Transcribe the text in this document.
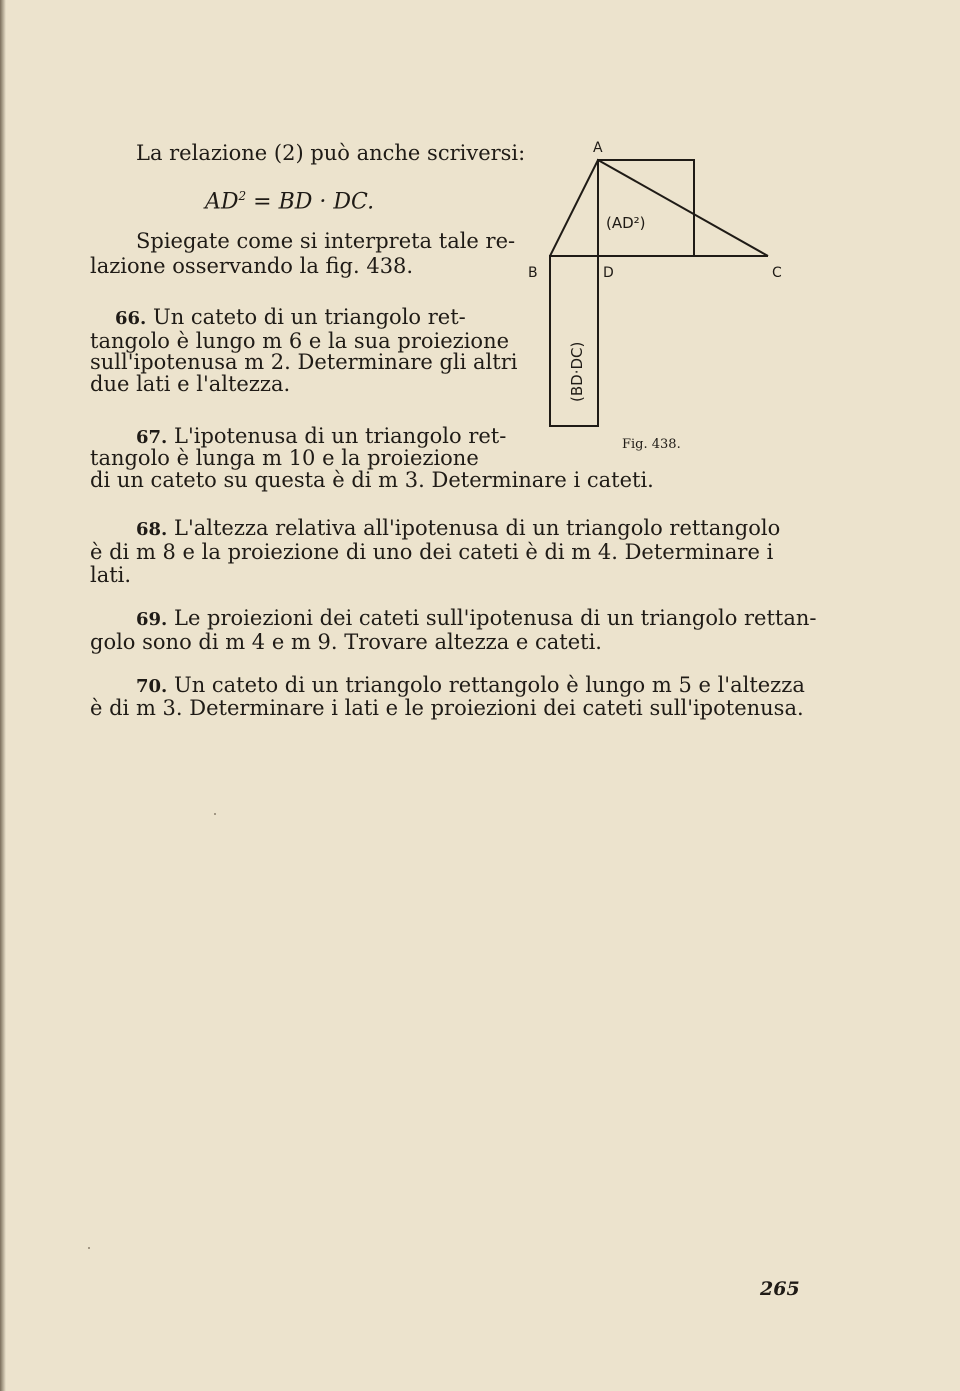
La relazione (2) può anche scriversi:
$AD^2$ = BD · DC.
Spiegate come si interpreta tale re-
lazione osservando la fig. 438.
66. Un cateto di un triangolo ret-
tangolo è lungo m 6 e la sua proiezione
sull'ipotenusa m 2. Determinare gli altri
due lati e l'altezza.
67. L'ipotenusa di un triangolo ret-
tangolo è lunga m 10 e la proiezione
di un cateto su questa è di m 3. Determinare i cateti.
68. L'altezza relativa all'ipotenusa di un triangolo rettangolo
è di m 8 e la proiezione di uno dei cateti è di m 4. Determinare i
lati.
69. Le proiezioni dei cateti sull'ipotenusa di un triangolo rettan-
golo sono di m 4 e m 9. Trovare altezza e cateti.
70. Un cateto di un triangolo rettangolo è lungo m 5 e l'altezza
è di m 3. Determinare i lati e le proiezioni dei cateti sull'ipotenusa.
A
B	D	C
(AD²)
(BD·DC)
Fig. 438.
265
